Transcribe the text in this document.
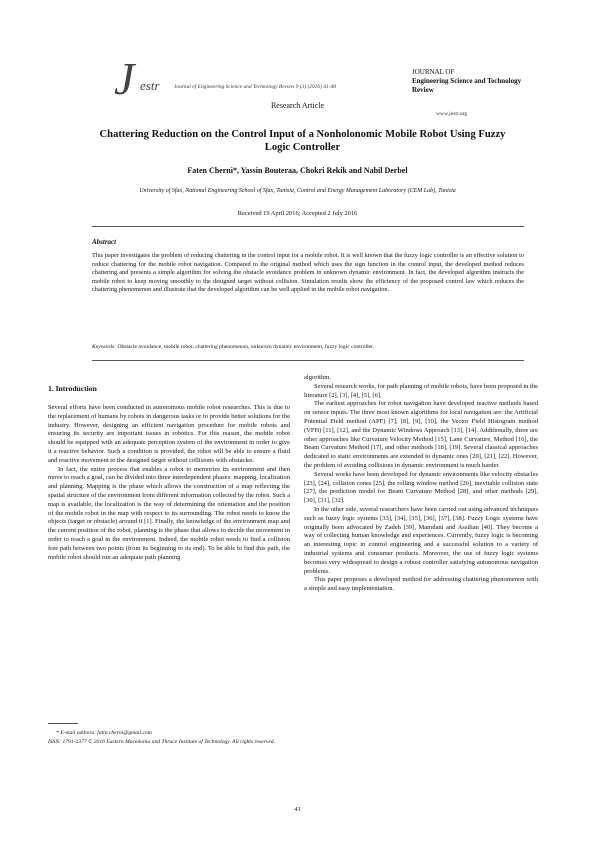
J estr	Journal of Engineering Science and Technology Review 9 (3) (2016) 41-48
JOURNAL OF
Engineering Science and Technology Review
www.jestr.org
Research Article
Chattering Reduction on the Control Input of a Nonholonomic Mobile Robot Using Fuzzy Logic Controller
Faten Cherni*, Yassin Bouteraa, Chokri Rekik and Nabil Derbel
University of Sfax, National Engineering School of Sfax, Tunisia, Control and Energy Management Laboratory (CEM Lab), Tunisia
Received 19 April 2016; Accepted 2 July 2016
Abstract
This paper investigates the problem of reducing chattering in the control input for a mobile robot. It is well known that the fuzzy logic controller is an effective solution to reduce chattering for the mobile robot navigation. Compared to the original method which uses the sign function in the control input, the developed method reduces chattering and presents a simple algorithm for solving the obstacle avoidance problem in unknown dynamic environment. In fact, the developed algorithm instructs the mobile robot to keep moving smoothly to the designed target without collision. Simulation results show the efficiency of the proposed control law which reduces the chattering phenomenon and illustrate that the developed algorithm can be well applied in the mobile robot navigation.
Keywords: Obstacle avoidance, mobile robot, chattering phenomenon, unknown dynamic environment, fuzzy logic controller.
1. Introduction

Several efforts have been conducted in autonomous mobile robot researches. This is due to the replacement of humans by robots in dangerous tasks or to provide better solutions for the industry. However, designing an efficient navigation procedure for mobile robots and ensuring its security are important issues in robotics. For this reason, the mobile robot should be equipped with an adequate perception system of the environment in order to give it a reactive behavior. Such a condition is provided, the robot will be able to ensure a fluid and reactive movement to the designed target without collisions with obstacles.

In fact, the entire process that enables a robot to memorize its environment and then move to reach a goal, can be divided into three interdependent phases: mapping, localization and planning. Mapping is the phase which allows the construction of a map reflecting the spatial structure of the environment from different information collected by the robot. Such a map is available, the localization is the way of determining the orientation and the position of the mobile robot in the map with respect to its surrounding. The robot needs to know the objects (target or obstacle) around it [1]. Finally, the knowledge of the environment map and the current position of the robot, planning is the phase that allows to decide the movement in order to reach a goal in the environment. Indeed, the mobile robot needs to find a collision free path between two points (from its beginning to its end). To be able to find this path, the mobile robot should run an adequate path planning

algorithm.

Several research works, for path planning of mobile robots, have been proposed in the literature [2], [3], [4], [5], [6].

The earliest approaches for robot navigation have developed reactive methods based on sensor inputs. The three most known algorithms for local navigation are: the Artificial Potential Field method (APF) [7], [8], [9], [10], the Vector Field Histogram method (VFH) [11], [12], and the Dynamic Windows Approach [13], [14]. Additionally, there are other approaches like Curvature Velocity Method [15], Lane Curvature, Method [16], the Beam Curvature Method [17], and other methods [18], [19]. Several classical approaches dedicated to static environments are extended to dynamic ones [20], [21], [22]. However, the problem of avoiding collisions in dynamic environment is much harder.

Several works have been developed for dynamic environments like velocity obstacles [23], [24], collision cones [25], the rolling window method [26], inevitable collision state [27], the prediction model for Beam Curvature Method [28], and other methods [29], [30], [31], [32].

In the other side, several researchers have been carried out using advanced techniques such as fuzzy logic systems [33], [34], [35], [36], [37], [38]. Fuzzy Logic systems have originally been advocated by Zadeh [39], Mamdani and Assilian [40]. They become a way of collecting human knowledge and experiences. Currently, fuzzy logic is becoming an interesting topic in control engineering and a successful solution to a variety of industrial systems and consumer products. Moreover, the use of fuzzy logic systems becomes very widespread to design a robust controller satisfying autonomous navigation problems.

This paper proposes a developed method for addressing chattering phenomenon with a simple and easy implementation.

* E-mail address: fatin.cherni@gmail.com
ISSN: 1791-2377 © 2016 Eastern Macedonia and Thrace Institute of Technology. All rights reserved.
41
